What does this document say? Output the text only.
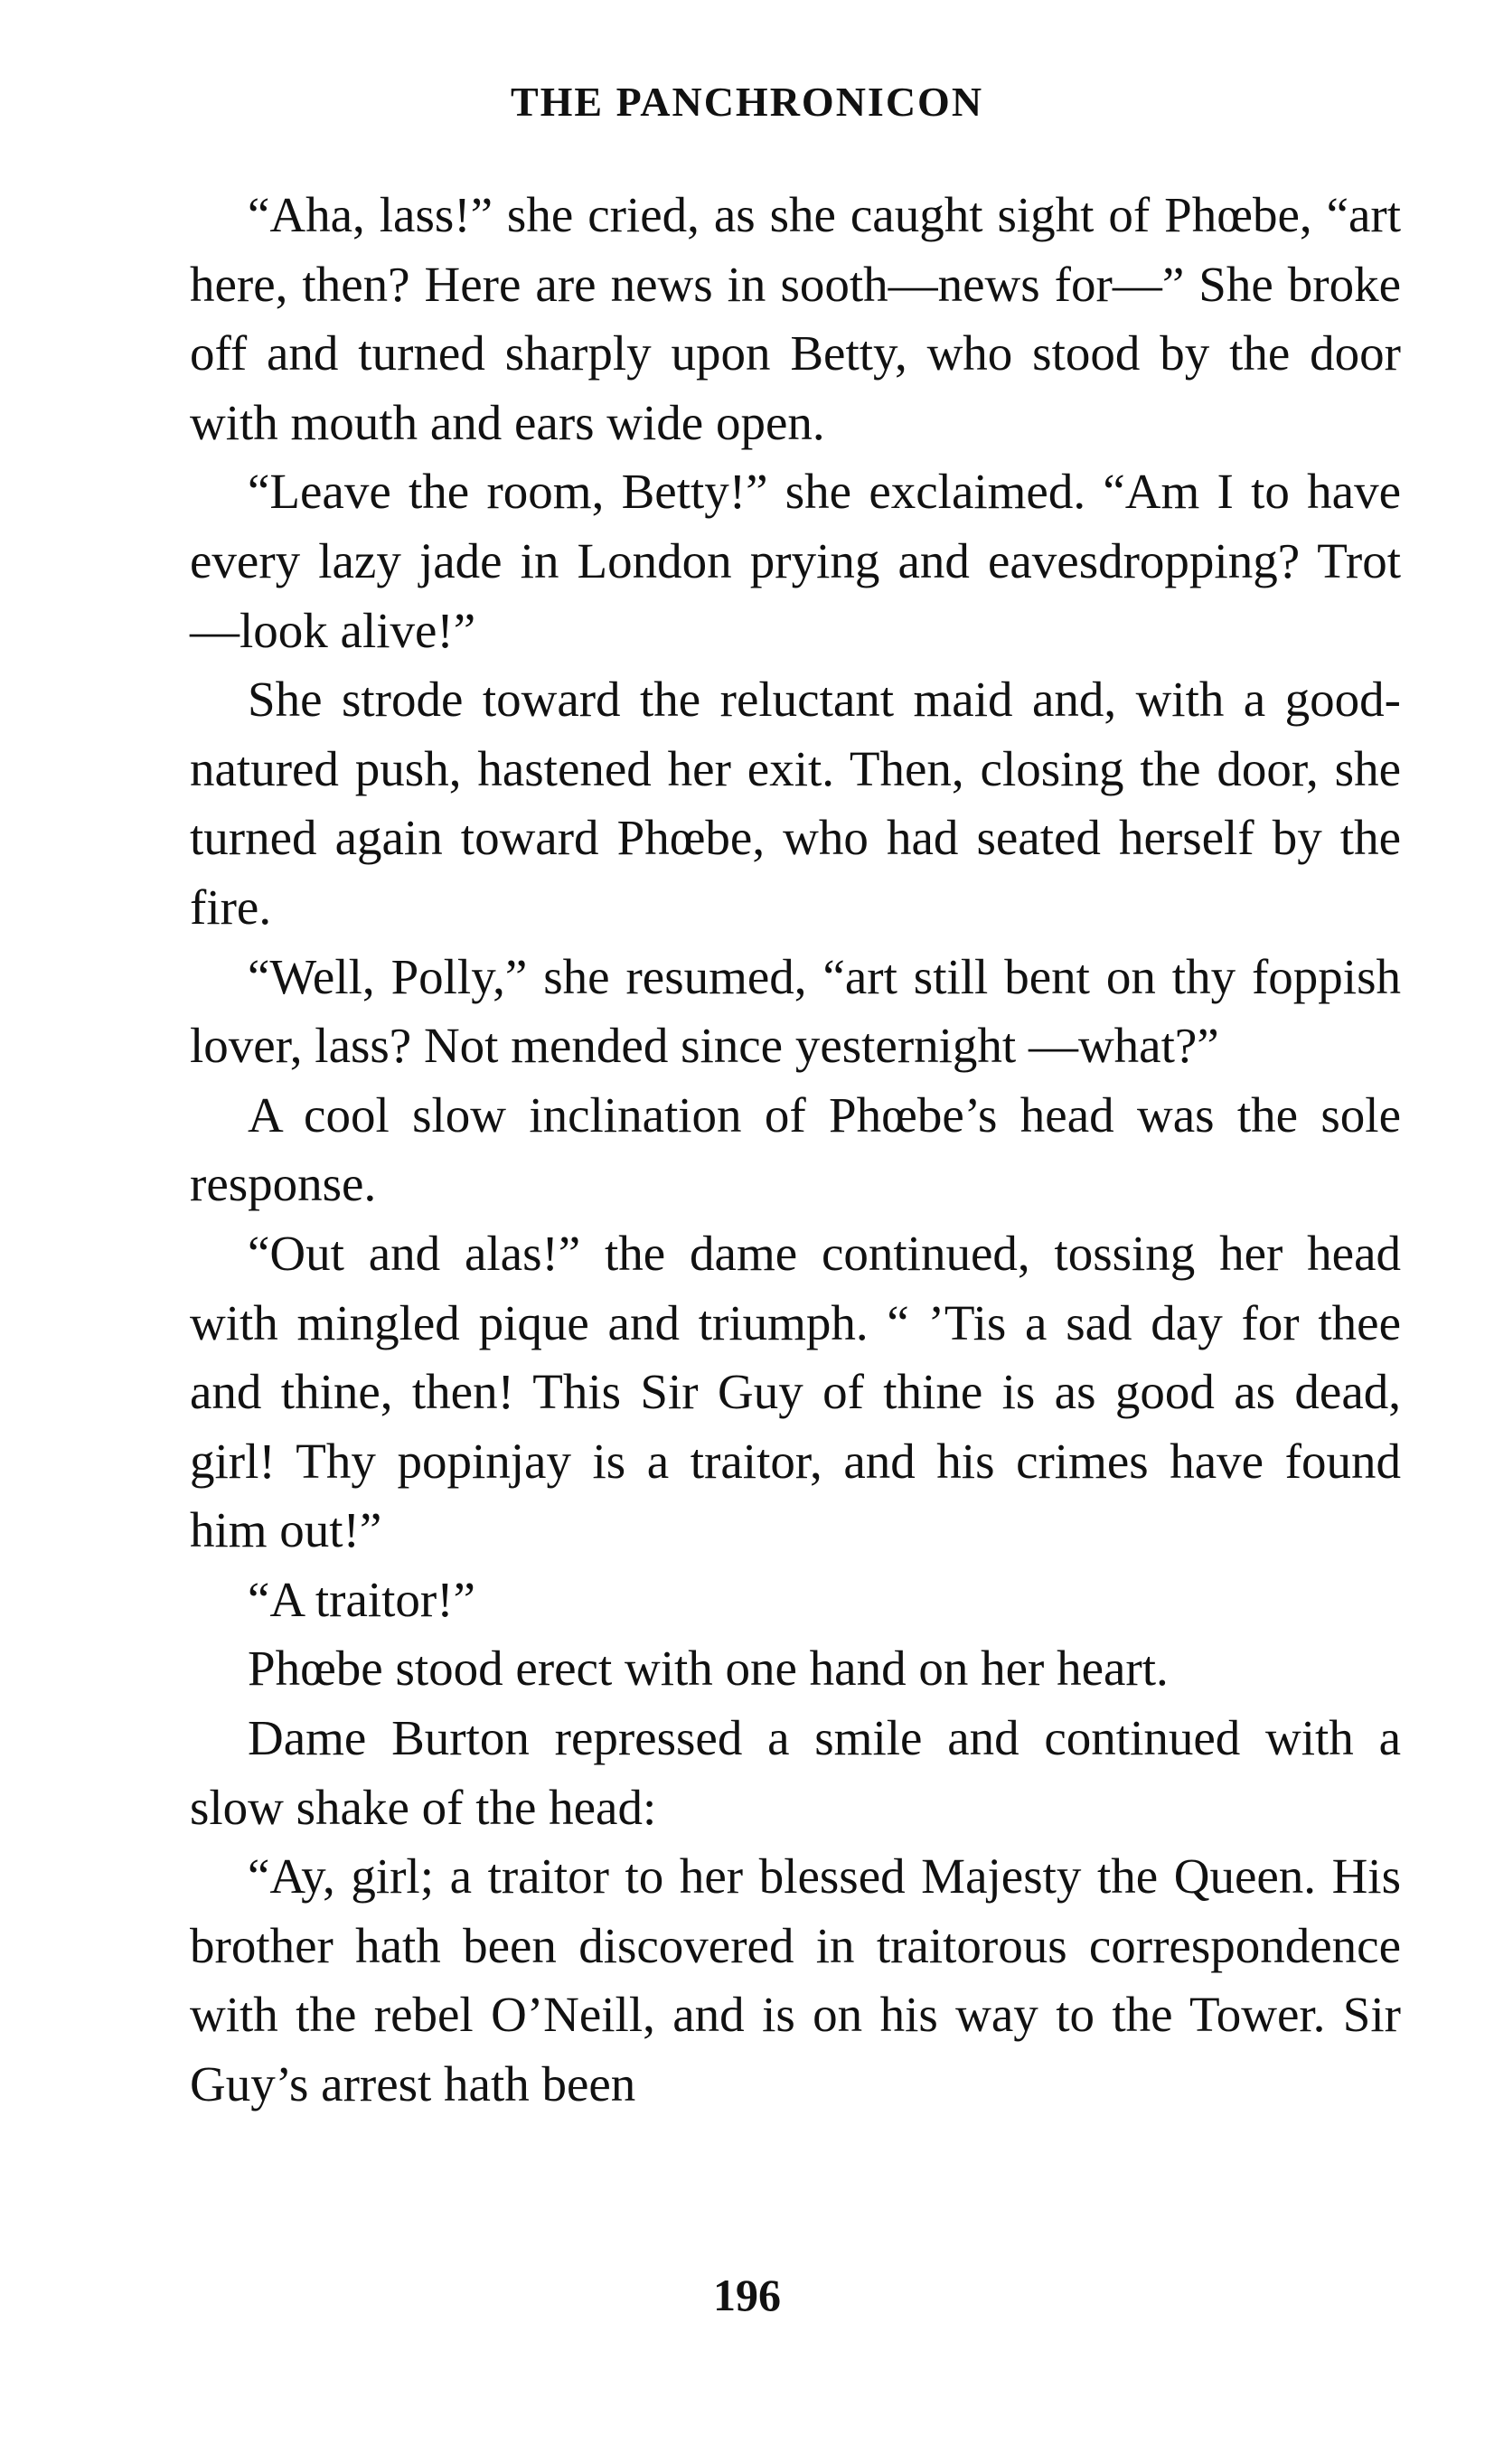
THE PANCHRONICON

“Aha, lass!” she cried, as she caught sight of Phœbe, “art here, then? Here are news in sooth—news for—” She broke off and turned sharply upon Betty, who stood by the door with mouth and ears wide open.

“Leave the room, Betty!” she exclaimed. “Am I to have every lazy jade in London prying and eavesdropping? Trot—look alive!”

She strode toward the reluctant maid and, with a good-natured push, hastened her exit. Then, closing the door, she turned again toward Phœbe, who had seated herself by the fire.

“Well, Polly,” she resumed, “art still bent on thy foppish lover, lass? Not mended since yesternight —what?”

A cool slow inclination of Phœbe’s head was the sole response.

“Out and alas!” the dame continued, tossing her head with mingled pique and triumph. “ ’Tis a sad day for thee and thine, then! This Sir Guy of thine is as good as dead, girl! Thy popinjay is a traitor, and his crimes have found him out!”

“A traitor!”

Phœbe stood erect with one hand on her heart.

Dame Burton repressed a smile and continued with a slow shake of the head:

“Ay, girl; a traitor to her blessed Majesty the Queen. His brother hath been discovered in traitorous correspondence with the rebel O’Neill, and is on his way to the Tower. Sir Guy’s arrest hath been

196
